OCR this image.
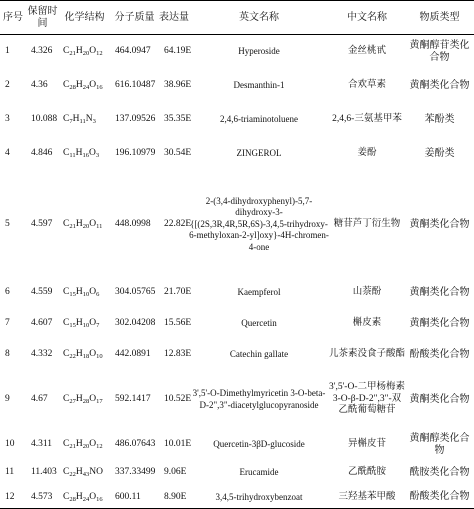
序号	保留时间	化学结构	分子质量	表达量	英文名称	中文名称	物质类型
1	4.326	$C_{21}H_{20}O_{12}$	464.0947	64.19E	Hyperoside	金丝桃甙	黄酮醇苷类化合物
2	4.36	$C_{28}H_{24}O_{16}$	616.10487	38.96E	Desmanthin-1	合欢草素	黄酮类化合物
3	10.088	$C_7H_{11}N_3$	137.09526	35.35E	2,4,6-triaminotoluene	2,4,6-三氨基甲苯	苯酚类
4	4.846	$C_{11}H_{16}O_3$	196.10979	30.54E	ZINGEROL	姜酚	姜酚类
5	4.597	$C_{21}H_{20}O_{11}$	448.0998	22.82E	2-(3,4-dihydroxyphenyl)-5,7-dihydroxy-3-{[(2S,3R,4R,5R,6S)-3,4,5-trihydroxy-6-methyloxan-2-yl]oxy}-4H-chromen-4-one	糖苷芦丁衍生物	黄酮类化合物
6	4.559	$C_{15}H_{10}O_6$	304.05765	21.70E	Kaempferol	山萘酚	黄酮类化合物
7	4.607	$C_{15}H_{10}O_7$	302.04208	15.56E	Quercetin	槲皮素	黄酮类化合物
8	4.332	$C_{22}H_{18}O_{10}$	442.0891	12.83E	Catechin gallate	儿茶素没食子酸酯	酚酸类化合物
9	4.67	$C_{27}H_{28}O_{17}$	592.1417	10.52E	3',5'-O-Dimethylmyricetin 3-O-beta-D-2",3"-diacetylglucopyranoside	3',5'-O-二甲杨梅素3-O-β-D-2",3"-双乙酰葡萄糖苷	黄酮类化合物
10	4.311	$C_{21}H_{20}O_{12}$	486.07643	10.01E	Quercetin-3βD-glucoside	异槲皮苷	黄酮醇类化合物
11	11.403	$C_{22}H_{43}NO$	337.33499	9.06E	Erucamide	乙酰酰胺	酰胺类化合物
12	4.573	$C_{28}H_{24}O_{16}$	600.11	8.90E	3,4,5-trihydroxybenzoat	三羟基苯甲酸	酚酸类化合物
